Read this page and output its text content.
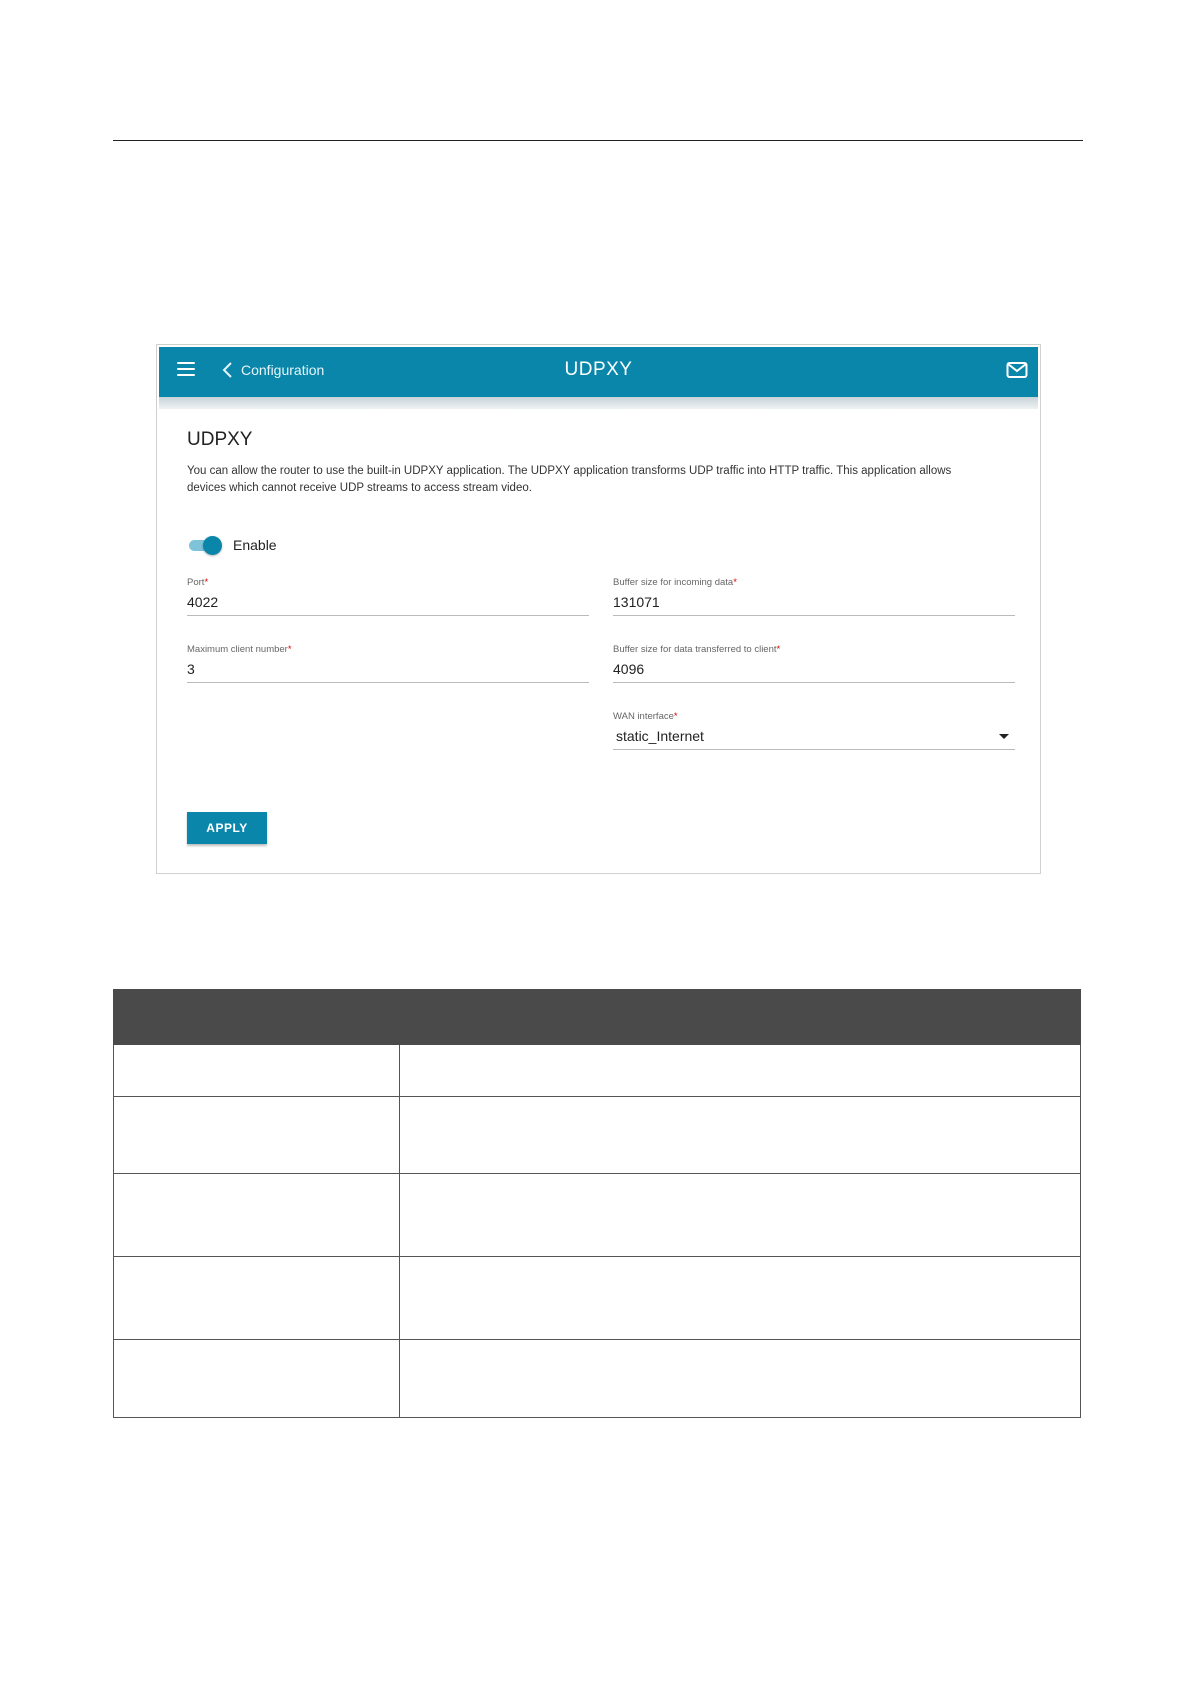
Configuration	UDPXY
UDPXY
You can allow the router to use the built-in UDPXY application. The UDPXY application transforms UDP traffic into HTTP traffic. This application allows devices which cannot receive UDP streams to access stream video.
Enable
Port*
4022
Buffer size for incoming data*
131071
Maximum client number*
3
Buffer size for data transferred to client*
4096
WAN interface*
static_Internet
APPLY
